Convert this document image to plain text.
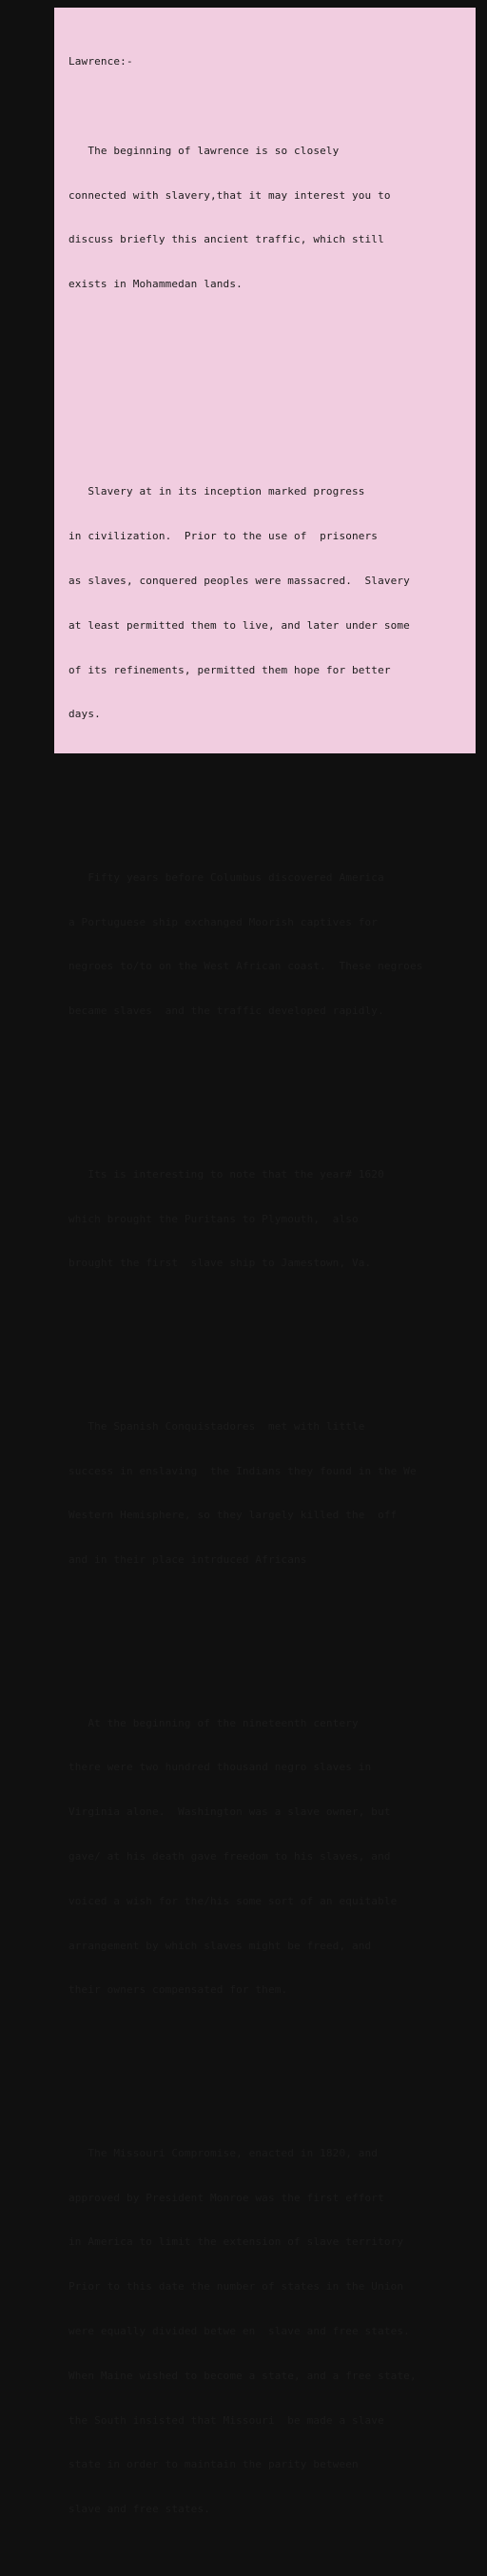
Lawrence:-

The beginning of lawrence is so closely

connected with slavery,that it may interest you to

discuss briefly this ancient traffic, which still

exists in Mohammedan lands.

Slavery at in its inception marked progress

in civilization.  Prior to the use of  prisoners

as slaves, conquered peoples were massacred.  Slavery

at least permitted them to live, and later under some

of its refinements, permitted them hope for better

days.

Fifty years before Columbus discovered America

a Portuguese ship exchanged Moorish captives for

negroes to/to on the West African coast.  These negroes

became slaves  and the traffic developed rapidly.

Its is interesting to note that the year# 1620

which brought the Puritans to Plymouth,  also

brought the first  slave ship to Jamestown, Va.

The Spanish Conquistadores  met with little

success in enslaving  the Indians they found in the We

Western Hemisphere, so they largely killed the  off

and in their place intrduced Africans

At the beginning of the nineteenth centery

there were two hundred thousand negro slaves in

Virginia alone.  Washington was a slave owner, but

gave/ at his death gave freedom to his slaves, and

voiced a wish for the/his some sort of an equitable

arrangement by which slaves might be freed, and

their owners compensated for them.

The Missouri Compromise, enacted in 1820, and

approved by President Monroe was the first effort

in America to limit the extension of slave territory

Prior to this date the number of states in the Union

were equally divided betwe en  slave and free states.

When Maine wished to become a state, and a free state,

the South insisted that Missouri  be made a slave

state in order to maintain the parity between

slave and free states.
